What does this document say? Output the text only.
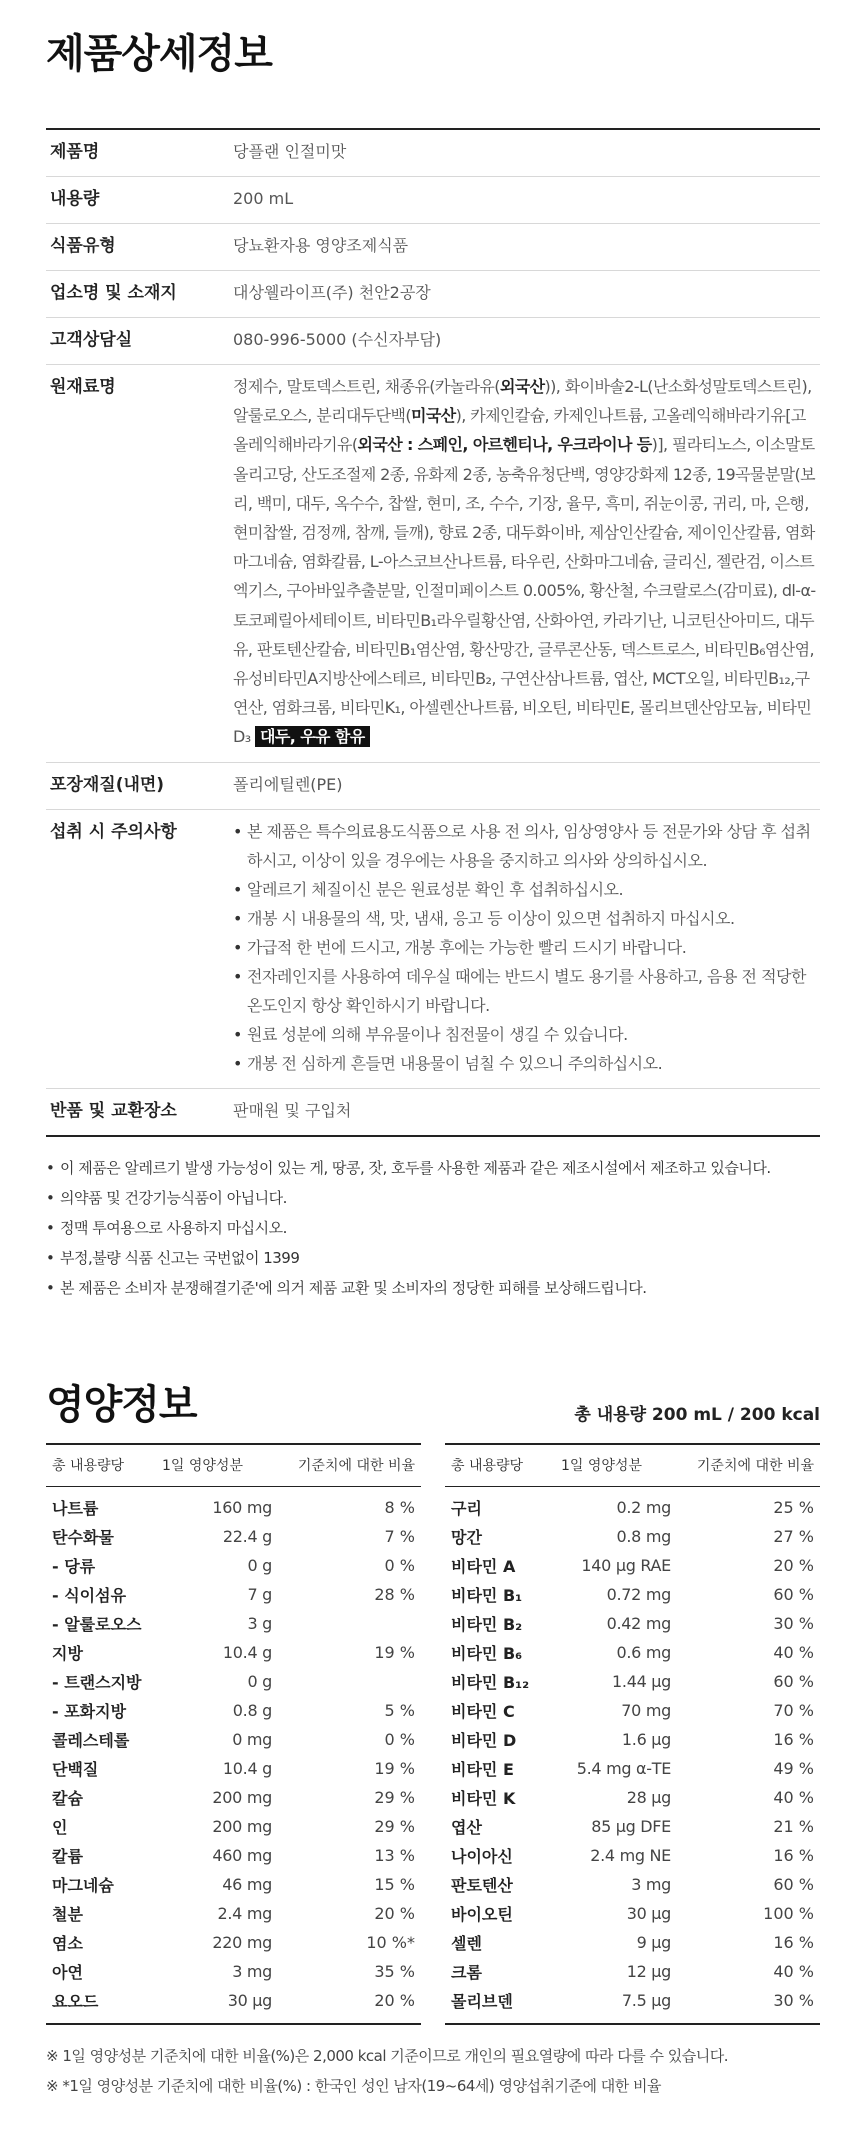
제품상세정보
제품명	당플랜 인절미맛
내용량	200 mL
식품유형	당뇨환자용 영양조제식품
업소명 및 소재지	대상웰라이프(주) 천안2공장
고객상담실	080-996-5000 (수신자부담)
원재료명	정제수, 말토덱스트린, 채종유(카놀라유(외국산)), 화이바솔2-L(난소화성말토덱스트린), 알룰로오스, 분리대두단백(미국산), 카제인칼슘, 카제인나트륨, 고올레익해바라기유[고올레익해바라기유(외국산 : 스페인, 아르헨티나, 우크라이나 등)], 필라티노스, 이소말토올리고당, 산도조절제 2종, 유화제 2종, 농축유청단백, 영양강화제 12종, 19곡물분말(보리, 백미, 대두, 옥수수, 찹쌀, 현미, 조, 수수, 기장, 율무, 흑미, 쥐눈이콩, 귀리, 마, 은행, 현미찹쌀, 검정깨, 참깨, 들깨), 향료 2종, 대두화이바, 제삼인산칼슘, 제이인산칼륨, 염화마그네슘, 염화칼륨, L-아스코브산나트륨, 타우린, 산화마그네슘, 글리신, 젤란검, 이스트엑기스, 구아바잎추출분말, 인절미페이스트 0.005%, 황산철, 수크랄로스(감미료), dl-α-토코페릴아세테이트, 비타민B₁라우릴황산염, 산화아연, 카라기난, 니코틴산아미드, 대두유, 판토텐산칼슘, 비타민B₁염산염, 황산망간, 글루콘산동, 덱스트로스, 비타민B₆염산염, 유성비타민A지방산에스테르, 비타민B₂, 구연산삼나트륨, 엽산, MCT오일, 비타민B₁₂,구연산, 염화크롬, 비타민K₁, 아셀렌산나트륨, 비오틴, 비타민E, 몰리브덴산암모늄, 비타민D₃ 대두, 우유 함유
포장재질(내면)	폴리에틸렌(PE)
섭취 시 주의사항
•	본 제품은 특수의료용도식품으로 사용 전 의사, 임상영양사 등 전문가와 상담 후 섭취하시고, 이상이 있을 경우에는 사용을 중지하고 의사와 상의하십시오.
• 알레르기 체질이신 분은 원료성분 확인 후 섭취하십시오.
• 개봉 시 내용물의 색, 맛, 냄새, 응고 등 이상이 있으면 섭취하지 마십시오.
• 가급적 한 번에 드시고, 개봉 후에는 가능한 빨리 드시기 바랍니다.
• 전자레인지를 사용하여 데우실 때에는 반드시 별도 용기를 사용하고, 음용 전 적당한 온도인지 항상 확인하시기 바랍니다.
• 원료 성분에 의해 부유물이나 침전물이 생길 수 있습니다.
• 개봉 전 심하게 흔들면 내용물이 넘칠 수 있으니 주의하십시오.
반품 및 교환장소	판매원 및 구입처
• 이 제품은 알레르기 발생 가능성이 있는 게, 땅콩, 잣, 호두를 사용한 제품과 같은 제조시설에서 제조하고 있습니다.
• 의약품 및 건강기능식품이 아닙니다.
• 정맥 투여용으로 사용하지 마십시오.
• 부정,불량 식품 신고는 국번없이 1399
• 본 제품은 소비자 분쟁해결기준'에 의거 제품 교환 및 소비자의 정당한 피해를 보상해드립니다.
영양정보	총 내용량 200 mL / 200 kcal
총 내용량당	1일 영양성분	기준치에 대한 비율
나트륨	160 mg	8 %
탄수화물	22.4 g	7 %
- 당류	0 g	0 %
- 식이섬유	7 g	28 %
- 알룰로오스	3 g
지방	10.4 g	19 %
- 트랜스지방	0 g
- 포화지방	0.8 g	5 %
콜레스테롤	0 mg	0 %
단백질	10.4 g	19 %
칼슘	200 mg	29 %
인	200 mg	29 %
칼륨	460 mg	13 %
마그네슘	46 mg	15 %
철분	2.4 mg	20 %
염소	220 mg	10 %*
아연	3 mg	35 %
요오드	30 μg	20 %
총 내용량당	1일 영양성분	기준치에 대한 비율
구리	0.2 mg	25 %
망간	0.8 mg	27 %
비타민 A	140 μg RAE	20 %
비타민 B₁	0.72 mg	60 %
비타민 B₂	0.42 mg	30 %
비타민 B₆	0.6 mg	40 %
비타민 B₁₂	1.44 μg	60 %
비타민 C	70 mg	70 %
비타민 D	1.6 μg	16 %
비타민 E	5.4 mg α-TE	49 %
비타민 K	28 μg	40 %
엽산	85 μg DFE	21 %
나이아신	2.4 mg NE	16 %
판토텐산	3 mg	60 %
바이오틴	30 μg	100 %
셀렌	9 μg	16 %
크롬	12 μg	40 %
몰리브덴	7.5 μg	30 %
※ 1일 영양성분 기준치에 대한 비율(%)은 2,000 kcal 기준이므로 개인의 필요열량에 따라 다를 수 있습니다.
※ *1일 영양성분 기준치에 대한 비율(%) : 한국인 성인 남자(19~64세) 영양섭취기준에 대한 비율
